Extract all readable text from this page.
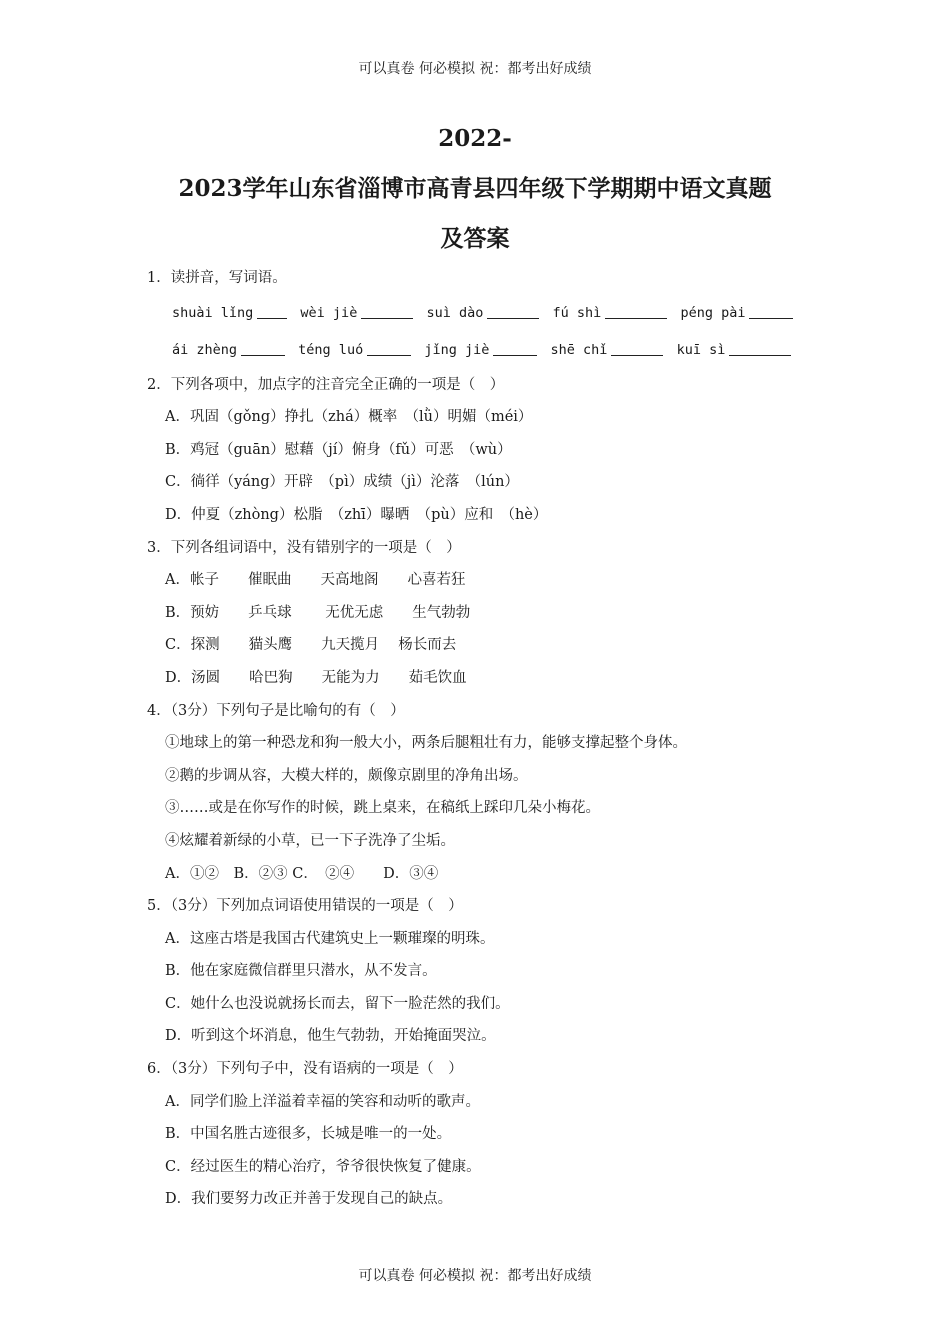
可以真卷 何必模拟 祝：都考出好成绩
2022-
2023学年山东省淄博市高青县四年级下学期期中语文真题
及答案
1．读拼音，写词语。
shuài lǐng	wèi jiè	suì dào	fú shì	péng pài
ái zhèng	téng luó	jǐng jiè	shē chǐ	kuī sì
2．下列各项中，加点字的注音完全正确的一项是（　）
A．巩固（gǒng）挣扎（zhá）概率　（lǜ）明媚（méi）
B．鸡冠（guān）慰藉（jí）俯身（fǔ）可恶　（wù）
C．徜徉（yáng）开辟　（pì）成绩（jì）沦落　（lún）
D．仲夏（zhòng）松脂　（zhī）曝晒　（pù）应和　（hè）
3．下列各组词语中，没有错别字的一项是（　）
A．帐子　　催眠曲　　天高地阁　　心喜若狂
B．预妨　　乒乓球　　 无优无虑　　生气勃勃
C．探测　　猫头鹰　　九天揽月　 杨长而去
D．汤圆　　哈巴狗　　无能为力　　茹毛饮血
4．（3分）下列句子是比喻句的有（　）
①地球上的第一种恐龙和狗一般大小，两条后腿粗壮有力，能够支撑起整个身体。
②鹅的步调从容，大模大样的，颇像京剧里的净角出场。
③……或是在你写作的时候，跳上桌来，在稿纸上踩印几朵小梅花。
④炫耀着新绿的小草，已一下子洗净了尘垢。
A．①②　B．②③ C．　②④　　D．③④
5．（3分）下列加点词语使用错误的一项是（　）
A．这座古塔是我国古代建筑史上一颗璀璨的明珠。
B．他在家庭微信群里只潜水，从不发言。
C．她什么也没说就扬长而去，留下一脸茫然的我们。
D．听到这个坏消息，他生气勃勃，开始掩面哭泣。
6．（3分）下列句子中，没有语病的一项是（　）
A．同学们脸上洋溢着幸福的笑容和动听的歌声。
B．中国名胜古迹很多，长城是唯一的一处。
C．经过医生的精心治疗，爷爷很快恢复了健康。
D．我们要努力改正并善于发现自己的缺点。
可以真卷 何必模拟 祝：都考出好成绩
